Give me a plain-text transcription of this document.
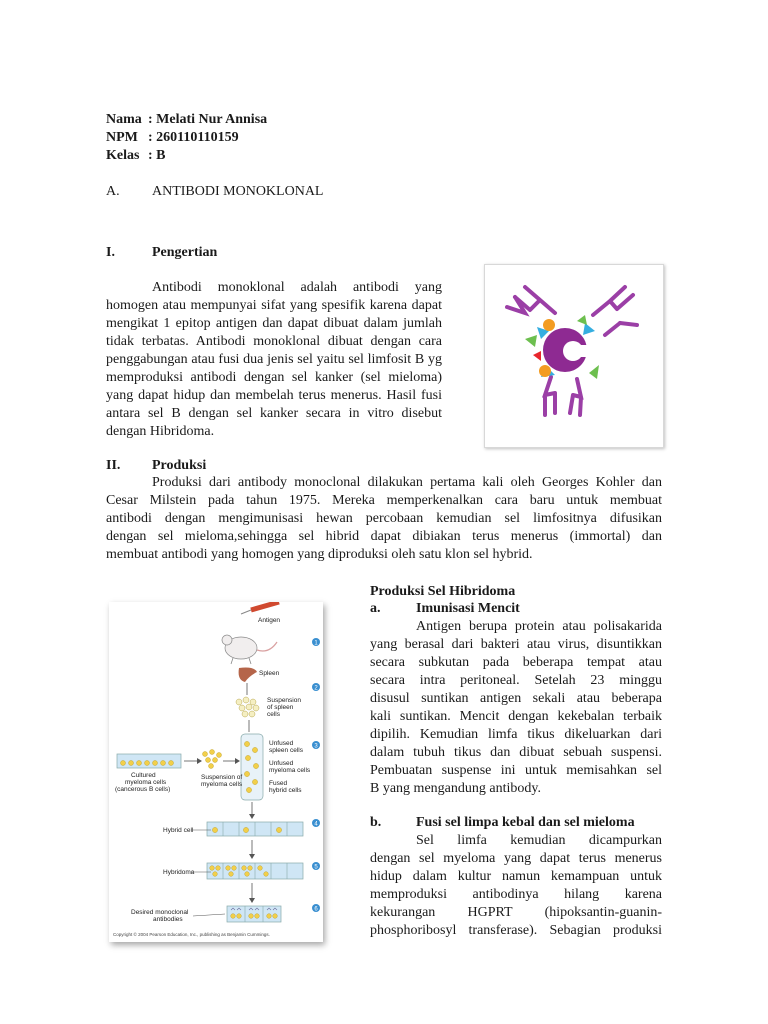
Nama : Melati Nur Annisa
NPM : 260110110159
Kelas : B
A. ANTIBODI MONOKLONAL
I.	Pengertian
Antibodi monoklonal adalah antibodi yang
homogen atau mempunyai sifat yang spesifik karena dapat
mengikat 1 epitop antigen dan dapat dibuat dalam jumlah
tidak terbatas. Antibodi monoklonal dibuat dengan cara
penggabungan atau fusi dua jenis sel yaitu sel limfosit B yg
memproduksi antibodi dengan sel kanker (sel mieloma)
yang dapat hidup dan membelah terus menerus. Hasil fusi
antara sel B dengan sel kanker secara in vitro disebut
dengan Hibridoma.
II. Produksi
Produksi dari antibody monoclonal dilakukan pertama kali oleh Georges Kohler dan
Cesar Milstein pada tahun 1975. Mereka memperkenalkan cara baru untuk membuat
antibodi dengan mengimunisasi hewan percobaan kemudian sel limfositnya difusikan
dengan sel mieloma,sehingga sel hibrid dapat dibiakan terus menerus (immortal) dan
membuat antibodi yang homogen yang diproduksi oleh satu klon sel hybrid.
Produksi Sel Hibridoma
a.	Imunisasi Mencit
Antigen berupa protein atau polisakarida
yang berasal dari bakteri atau virus, disuntikkan
secara subkutan pada beberapa tempat atau
secara intra peritoneal. Setelah 23 minggu
disusul suntikan antigen sekali atau beberapa
kali suntikan. Mencit dengan kekebalan terbaik
dipilih. Kemudian limfa tikus dikeluarkan dari
dalam tubuh tikus dan dibuat sebuah suspensi.
Pembuatan suspense ini untuk memisahkan sel
B yang mengandung antibody.
b. Fusi sel limpa kebal dan sel mieloma
Sel limfa kemudian dicampurkan
dengan sel myeloma yang dapat terus menerus
hidup dalam kultur namun kemampuan untuk
memproduksi antibodinya hilang karena
kekurangan HGPRT (hipoksantin-guanin-
phosphoribosyl transferase). Sebagian produksi
Antigen
1
2
3
4
5
6
Spleen
Suspension
of spleen
cells
Unfused
spleen cells
Unfused
myeloma cells
Fused
hybrid cells
Cultured
myeloma cells
(cancerous B cells)
Suspension of
myeloma cells
Hybrid cell
Hybridoma
Desired monoclonal
antibodies
Copyright © 2004 Pearson Education, Inc., publishing as Benjamin Cummings.
